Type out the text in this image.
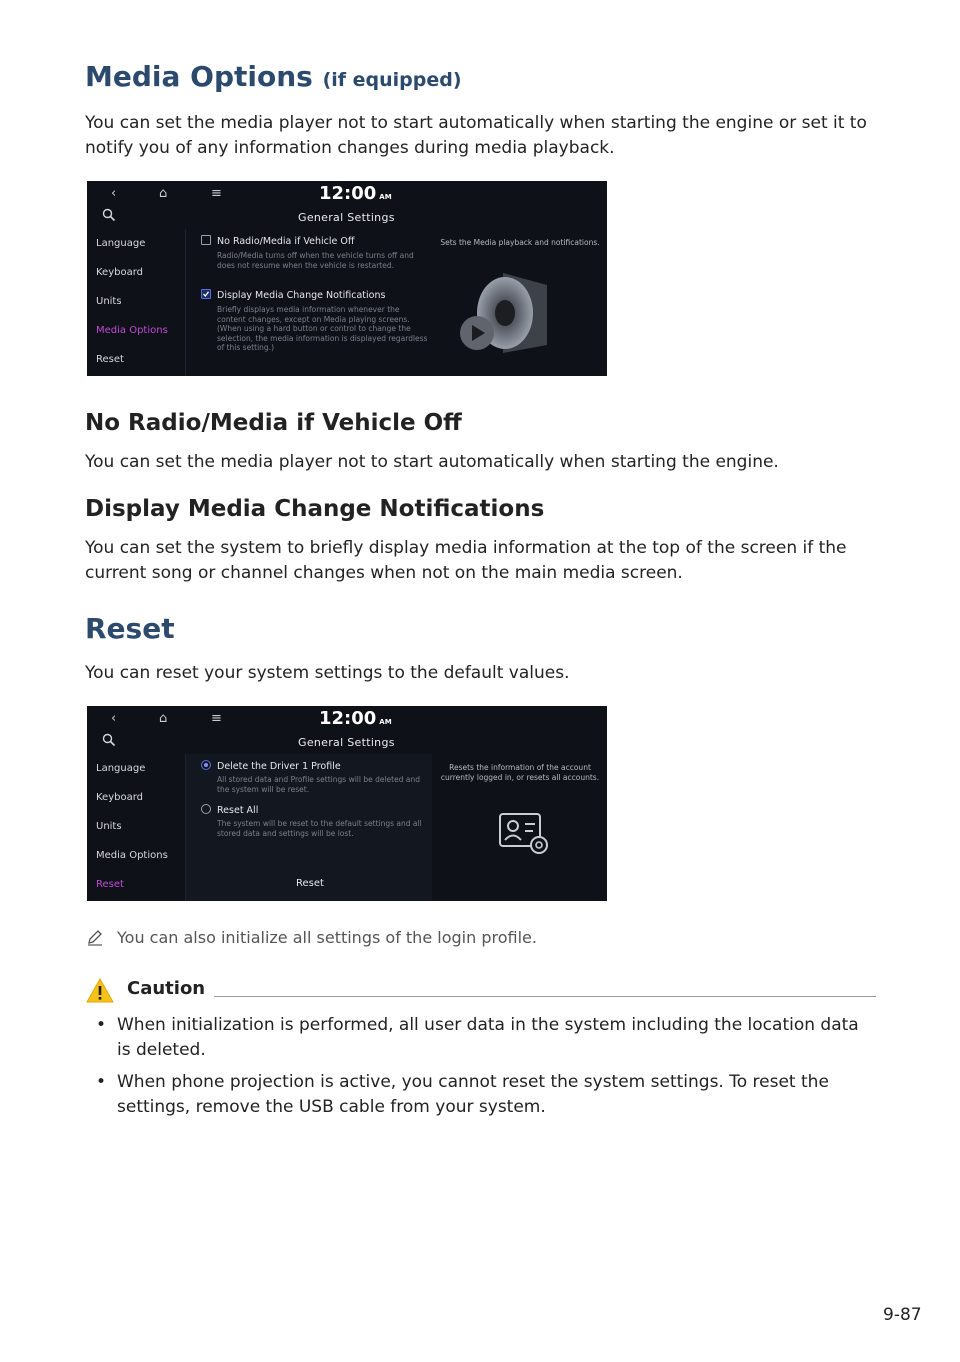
Media Options (if equipped)
You can set the media player not to start automatically when starting the engine or set it to notify you of any information changes during media playback.
‹	⌂	≡	12:00 AM
General Settings
Language
Keyboard
Units
Media Options
Reset
No Radio/Media if Vehicle Off
Radio/Media turns off when the vehicle turns off and does not resume when the vehicle is restarted.
Display Media Change Notifications
Briefly displays media information whenever the content changes, except on Media playing screens. (When using a hard button or control to change the selection, the media information is displayed regardless of this setting.)
Sets the Media playback and notifications.
No Radio/Media if Vehicle Off
You can set the media player not to start automatically when starting the engine.
Display Media Change Notifications
You can set the system to briefly display media information at the top of the screen if the current song or channel changes when not on the main media screen.
Reset
You can reset your system settings to the default values.
‹	⌂	≡	12:00 AM
General Settings
Language
Keyboard
Units
Media Options
Reset
Delete the Driver 1 Profile
All stored data and Profile settings will be deleted and the system will be reset.
Reset All
The system will be reset to the default settings and all stored data and settings will be lost.
Reset
Resets the information of the account currently logged in, or resets all accounts.
You can also initialize all settings of the login profile.
Caution
• When initialization is performed, all user data in the system including the location data is deleted.
• When phone projection is active, you cannot reset the system settings. To reset the settings, remove the USB cable from your system.
9-87
